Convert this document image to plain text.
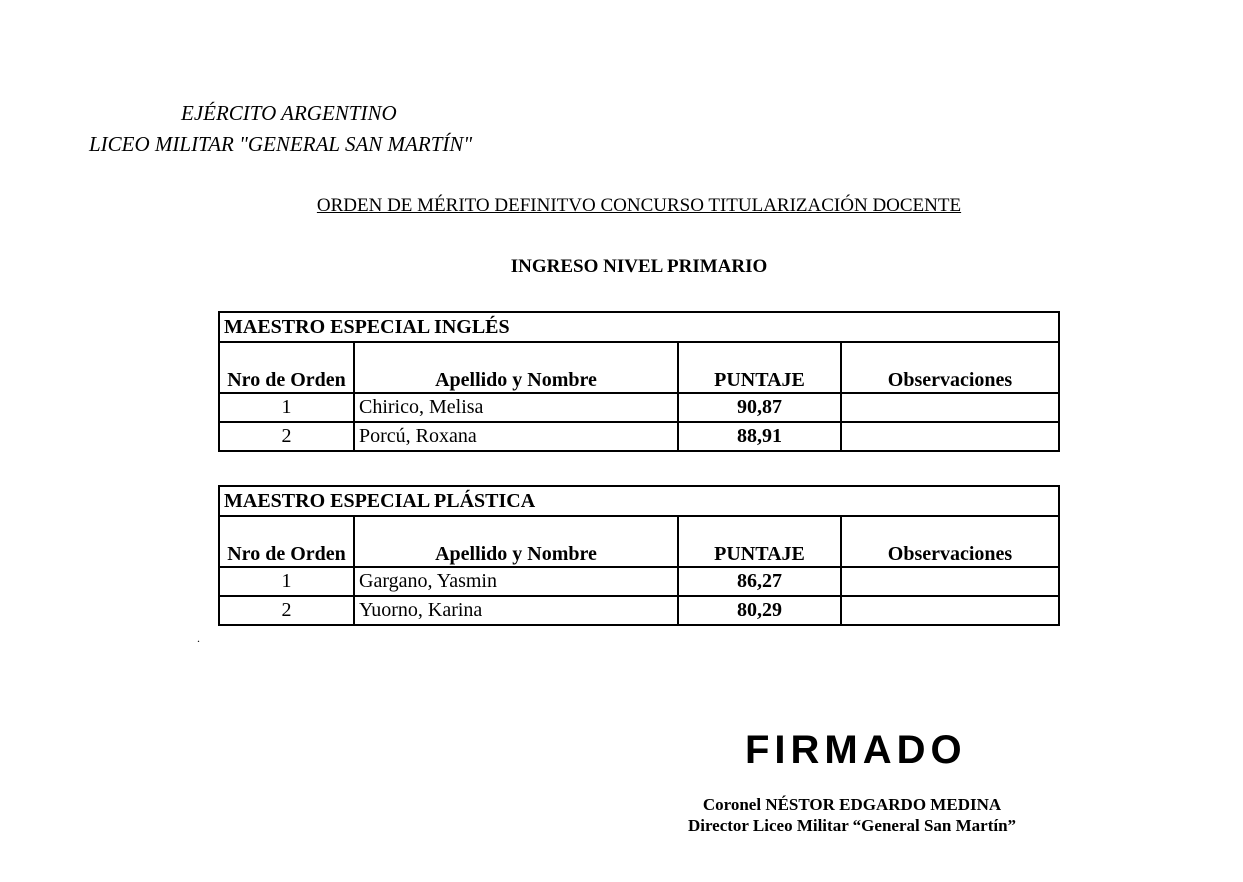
EJÉRCITO ARGENTINO
LICEO MILITAR "GENERAL SAN MARTÍN"
ORDEN DE MÉRITO DEFINITVO CONCURSO TITULARIZACIÓN DOCENTE
INGRESO NIVEL PRIMARIO
MAESTRO ESPECIAL INGLÉS			
Nro de Orden	Apellido y Nombre	PUNTAJE	Observaciones
1	Chirico, Melisa	90,87	
2	Porcú, Roxana	88,91	
MAESTRO ESPECIAL PLÁSTICA			
Nro de Orden	Apellido y Nombre	PUNTAJE	Observaciones
1	Gargano, Yasmin	86,27	
2	Yuorno, Karina	80,29	
.
FIRMADO
Coronel NÉSTOR EDGARDO MEDINA
Director Liceo Militar “General San Martín”
